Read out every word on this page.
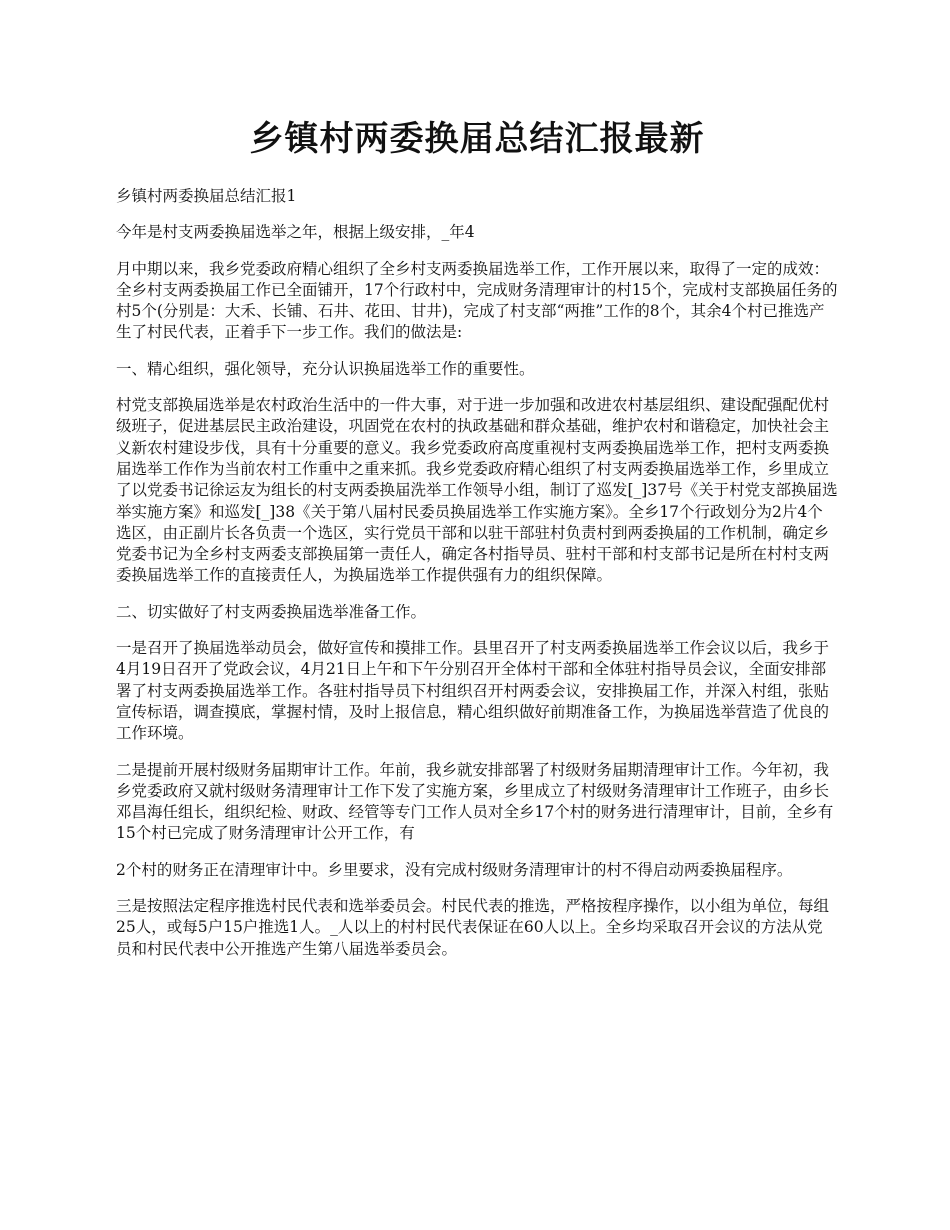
乡镇村两委换届总结汇报最新

乡镇村两委换届总结汇报1

今年是村支两委换届选举之年，根据上级安排，_年4

月中期以来，我乡党委政府精心组织了全乡村支两委换届选举工作，工作开展以来，取得了一定的成效：全乡村支两委换届工作已全面铺开，17个行政村中，完成财务清理审计的村15个，完成村支部换届任务的村5个(分别是：大禾、长铺、石井、花田、甘井)，完成了村支部“两推”工作的8个，其余4个村已推选产生了村民代表，正着手下一步工作。我们的做法是:

一、精心组织，强化领导，充分认识换届选举工作的重要性。

村党支部换届选举是农村政治生活中的一件大事，对于进一步加强和改进农村基层组织、建设配强配优村级班子，促进基层民主政治建设，巩固党在农村的执政基础和群众基础，维护农村和谐稳定，加快社会主义新农村建设步伐，具有十分重要的意义。我乡党委政府高度重视村支两委换届选举工作，把村支两委换届选举工作作为当前农村工作重中之重来抓。我乡党委政府精心组织了村支两委换届选举工作，乡里成立了以党委书记徐运友为组长的村支两委换届洗举工作领导小组，制订了巡发[_]37号《关于村党支部换届选举实施方案》和巡发[_]38《关于第八届村民委员换届选举工作实施方案》。全乡17个行政划分为2片4个选区，由正副片长各负责一个选区，实行党员干部和以驻干部驻村负责村到两委换届的工作机制，确定乡党委书记为全乡村支两委支部换届第一责任人，确定各村指导员、驻村干部和村支部书记是所在村村支两委换届选举工作的直接责任人，为换届选举工作提供强有力的组织保障。

二、切实做好了村支两委换届选举准备工作。

一是召开了换届选举动员会，做好宣传和摸排工作。县里召开了村支两委换届选举工作会议以后，我乡于4月19日召开了党政会议，4月21日上午和下午分别召开全体村干部和全体驻村指导员会议，全面安排部署了村支两委换届选举工作。各驻村指导员下村组织召开村两委会议，安排换届工作，并深入村组，张贴宣传标语，调查摸底，掌握村情，及时上报信息，精心组织做好前期准备工作，为换届选举营造了优良的工作环境。

二是提前开展村级财务届期审计工作。年前，我乡就安排部署了村级财务届期清理审计工作。今年初，我乡党委政府又就村级财务清理审计工作下发了实施方案，乡里成立了村级财务清理审计工作班子，由乡长邓昌海任组长，组织纪检、财政、经管等专门工作人员对全乡17个村的财务进行清理审计，目前，全乡有15个村已完成了财务清理审计公开工作，有

2个村的财务正在清理审计中。乡里要求，没有完成村级财务清理审计的村不得启动两委换届程序。

三是按照法定程序推选村民代表和选举委员会。村民代表的推选，严格按程序操作，以小组为单位，每组25人，或每5户15户推选1人。_人以上的村村民代表保证在60人以上。全乡均采取召开会议的方法从党员和村民代表中公开推选产生第八届选举委员会。
